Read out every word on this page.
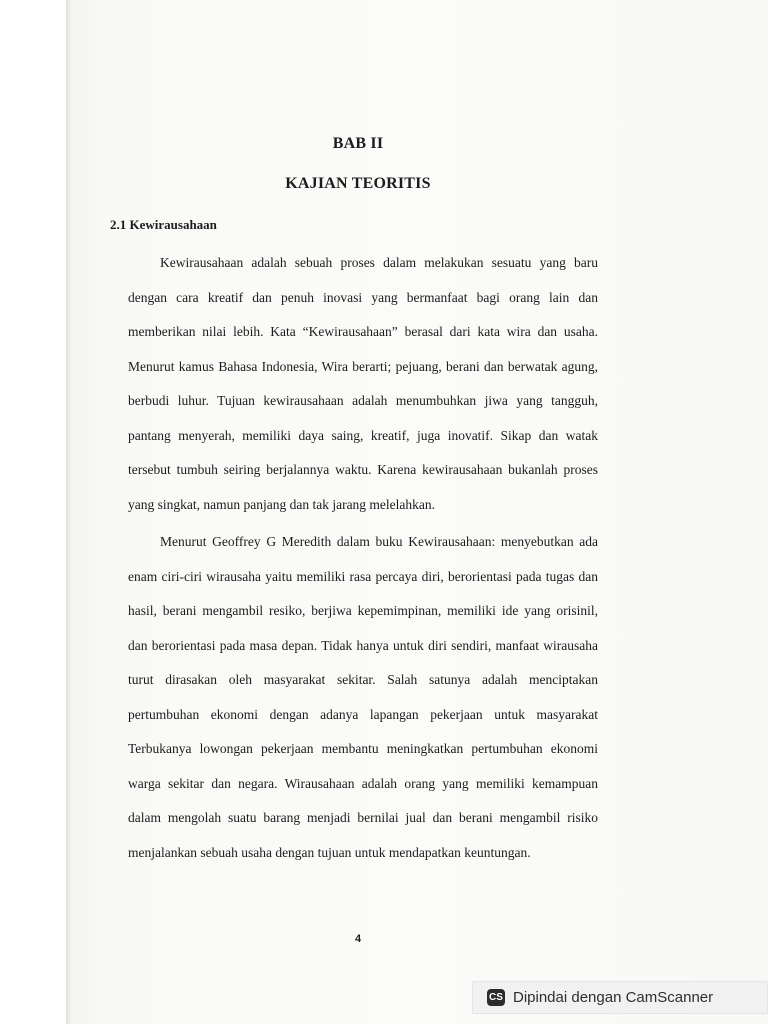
BAB II
KAJIAN TEORITIS
2.1 Kewirausahaan

Kewirausahaan adalah sebuah proses dalam melakukan sesuatu yang baru dengan cara kreatif dan penuh inovasi yang bermanfaat bagi orang lain dan memberikan nilai lebih. Kata “Kewirausahaan” berasal dari kata wira dan usaha. Menurut kamus Bahasa Indonesia, Wira berarti; pejuang, berani dan berwatak agung, berbudi luhur. Tujuan kewirausahaan adalah menumbuhkan jiwa yang tangguh, pantang menyerah, memiliki daya saing, kreatif, juga inovatif. Sikap dan watak tersebut tumbuh seiring berjalannya waktu. Karena kewirausahaan bukanlah proses yang singkat, namun panjang dan tak jarang melelahkan.

Menurut Geoffrey G Meredith dalam buku Kewirausahaan: menyebutkan ada enam ciri-ciri wirausaha yaitu memiliki rasa percaya diri, berorientasi pada tugas dan hasil, berani mengambil resiko, berjiwa kepemimpinan, memiliki ide yang orisinil, dan berorientasi pada masa depan. Tidak hanya untuk diri sendiri, manfaat wirausaha turut dirasakan oleh masyarakat sekitar. Salah satunya adalah menciptakan pertumbuhan ekonomi dengan adanya lapangan pekerjaan untuk masyarakat Terbukanya lowongan pekerjaan membantu meningkatkan pertumbuhan ekonomi warga sekitar dan negara. Wirausahaan adalah orang yang memiliki kemampuan dalam mengolah suatu barang menjadi bernilai jual dan berani mengambil risiko menjalankan sebuah usaha dengan tujuan untuk mendapatkan keuntungan.

4
CS Dipindai dengan CamScanner
